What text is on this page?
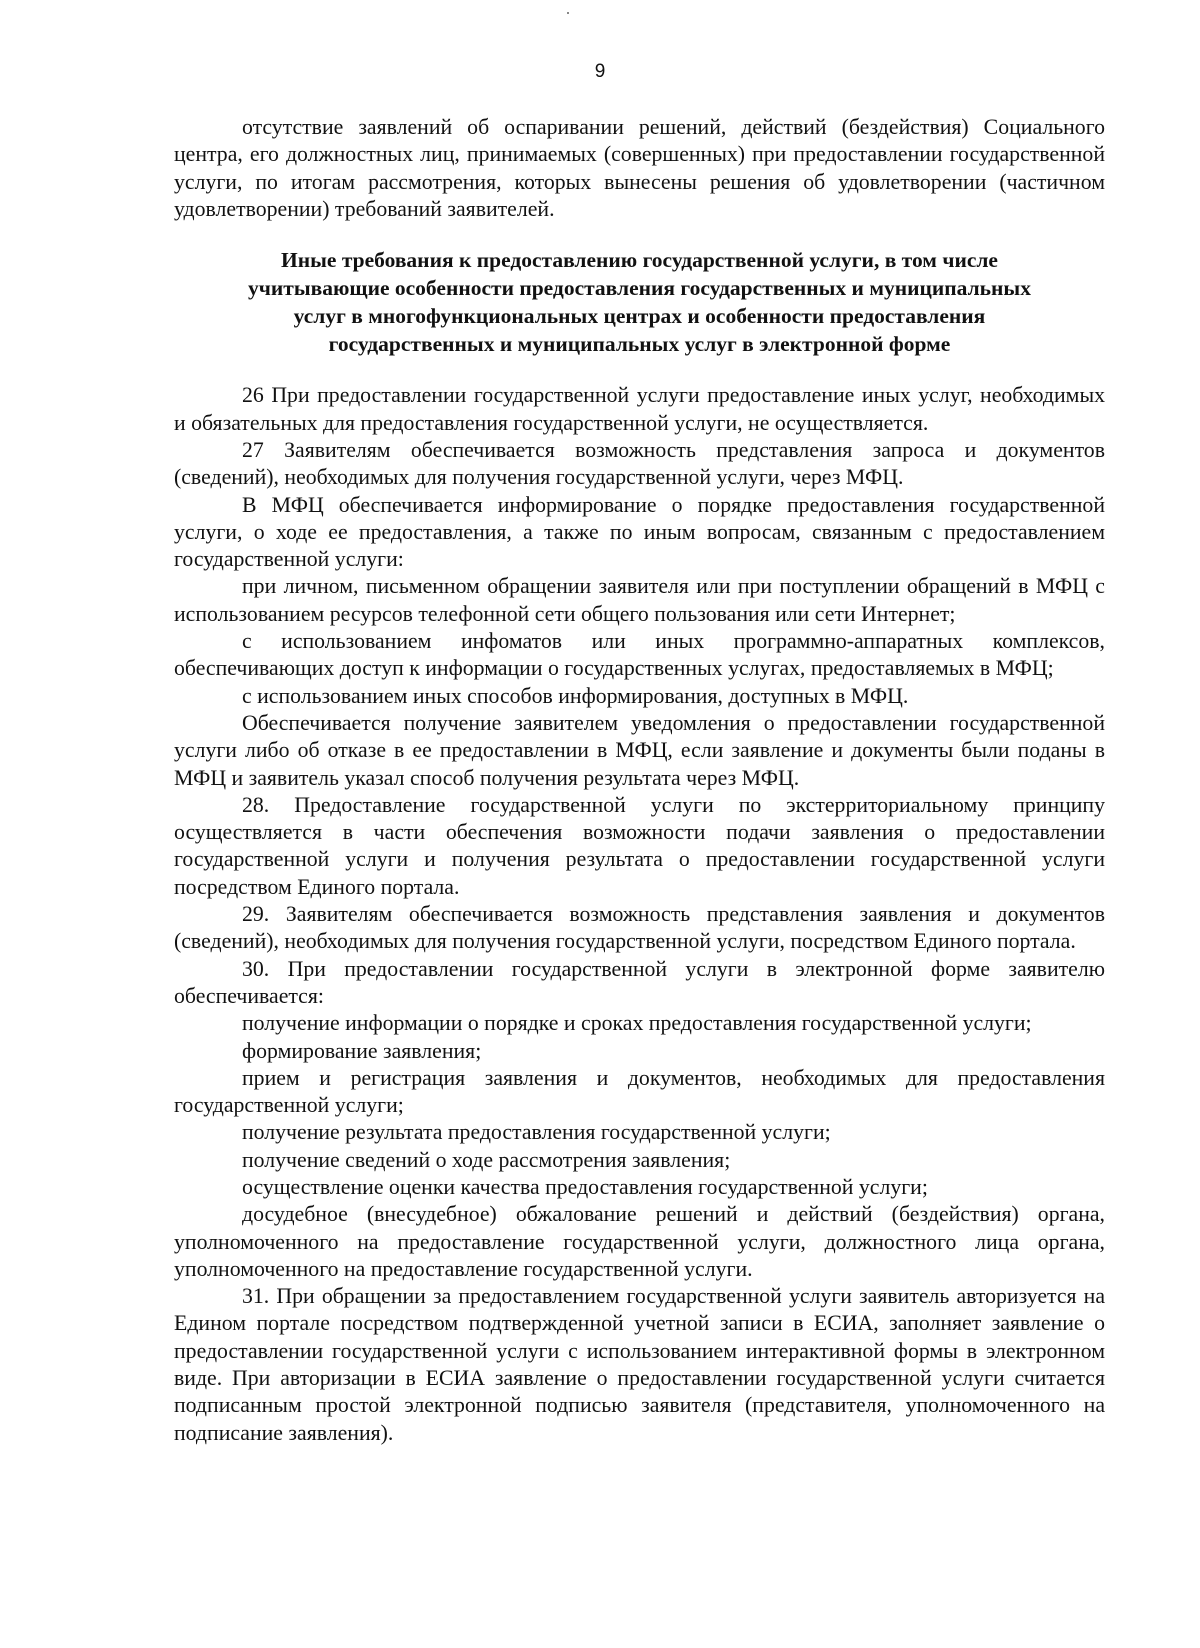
9

отсутствие заявлений об оспаривании решений, действий (бездействия) Социального центра, его должностных лиц, принимаемых (совершенных) при предоставлении государственной услуги, по итогам рассмотрения, которых вынесены решения об удовлетворении (частичном удовлетворении) требований заявителей.

Иные требования к предоставлению государственной услуги, в том числе
учитывающие особенности предоставления государственных и муниципальных
услуг в многофункциональных центрах и особенности предоставления
государственных и муниципальных услуг в электронной форме

26 При предоставлении государственной услуги предоставление иных услуг, необходимых и обязательных для предоставления государственной услуги, не осуществляется.

27 Заявителям обеспечивается возможность представления запроса и документов (сведений), необходимых для получения государственной услуги, через МФЦ.

В МФЦ обеспечивается информирование о порядке предоставления государственной услуги, о ходе ее предоставления, а также по иным вопросам, связанным с предоставлением государственной услуги:

при личном, письменном обращении заявителя или при поступлении обращений в МФЦ с использованием ресурсов телефонной сети общего пользования или сети Интернет;

с использованием инфоматов или иных программно-аппаратных комплексов, обеспечивающих доступ к информации о государственных услугах, предоставляемых в МФЦ;

с использованием иных способов информирования, доступных в МФЦ.

Обеспечивается получение заявителем уведомления о предоставлении государственной услуги либо об отказе в ее предоставлении в МФЦ, если заявление и документы были поданы в МФЦ и заявитель указал способ получения результата через МФЦ.

28. Предоставление государственной услуги по экстерриториальному принципу осуществляется в части обеспечения возможности подачи заявления о предоставлении государственной услуги и получения результата о предоставлении государственной услуги посредством Единого портала.

29. Заявителям обеспечивается возможность представления заявления и документов (сведений), необходимых для получения государственной услуги, посредством Единого портала.

30. При предоставлении государственной услуги в электронной форме заявителю обеспечивается:

получение информации о порядке и сроках предоставления государственной услуги;

формирование заявления;

прием и регистрация заявления и документов, необходимых для предоставления государственной услуги;

получение результата предоставления государственной услуги;

получение сведений о ходе рассмотрения заявления;

осуществление оценки качества предоставления государственной услуги;

досудебное (внесудебное) обжалование решений и действий (бездействия) органа, уполномоченного на предоставление государственной услуги, должностного лица органа, уполномоченного на предоставление государственной услуги.

31. При обращении за предоставлением государственной услуги заявитель авторизуется на Едином портале посредством подтвержденной учетной записи в ЕСИА, заполняет заявление о предоставлении государственной услуги с использованием интерактивной формы в электронном виде. При авторизации в ЕСИА заявление о предоставлении государственной услуги считается подписанным простой электронной подписью заявителя (представителя, уполномоченного на подписание заявления).
